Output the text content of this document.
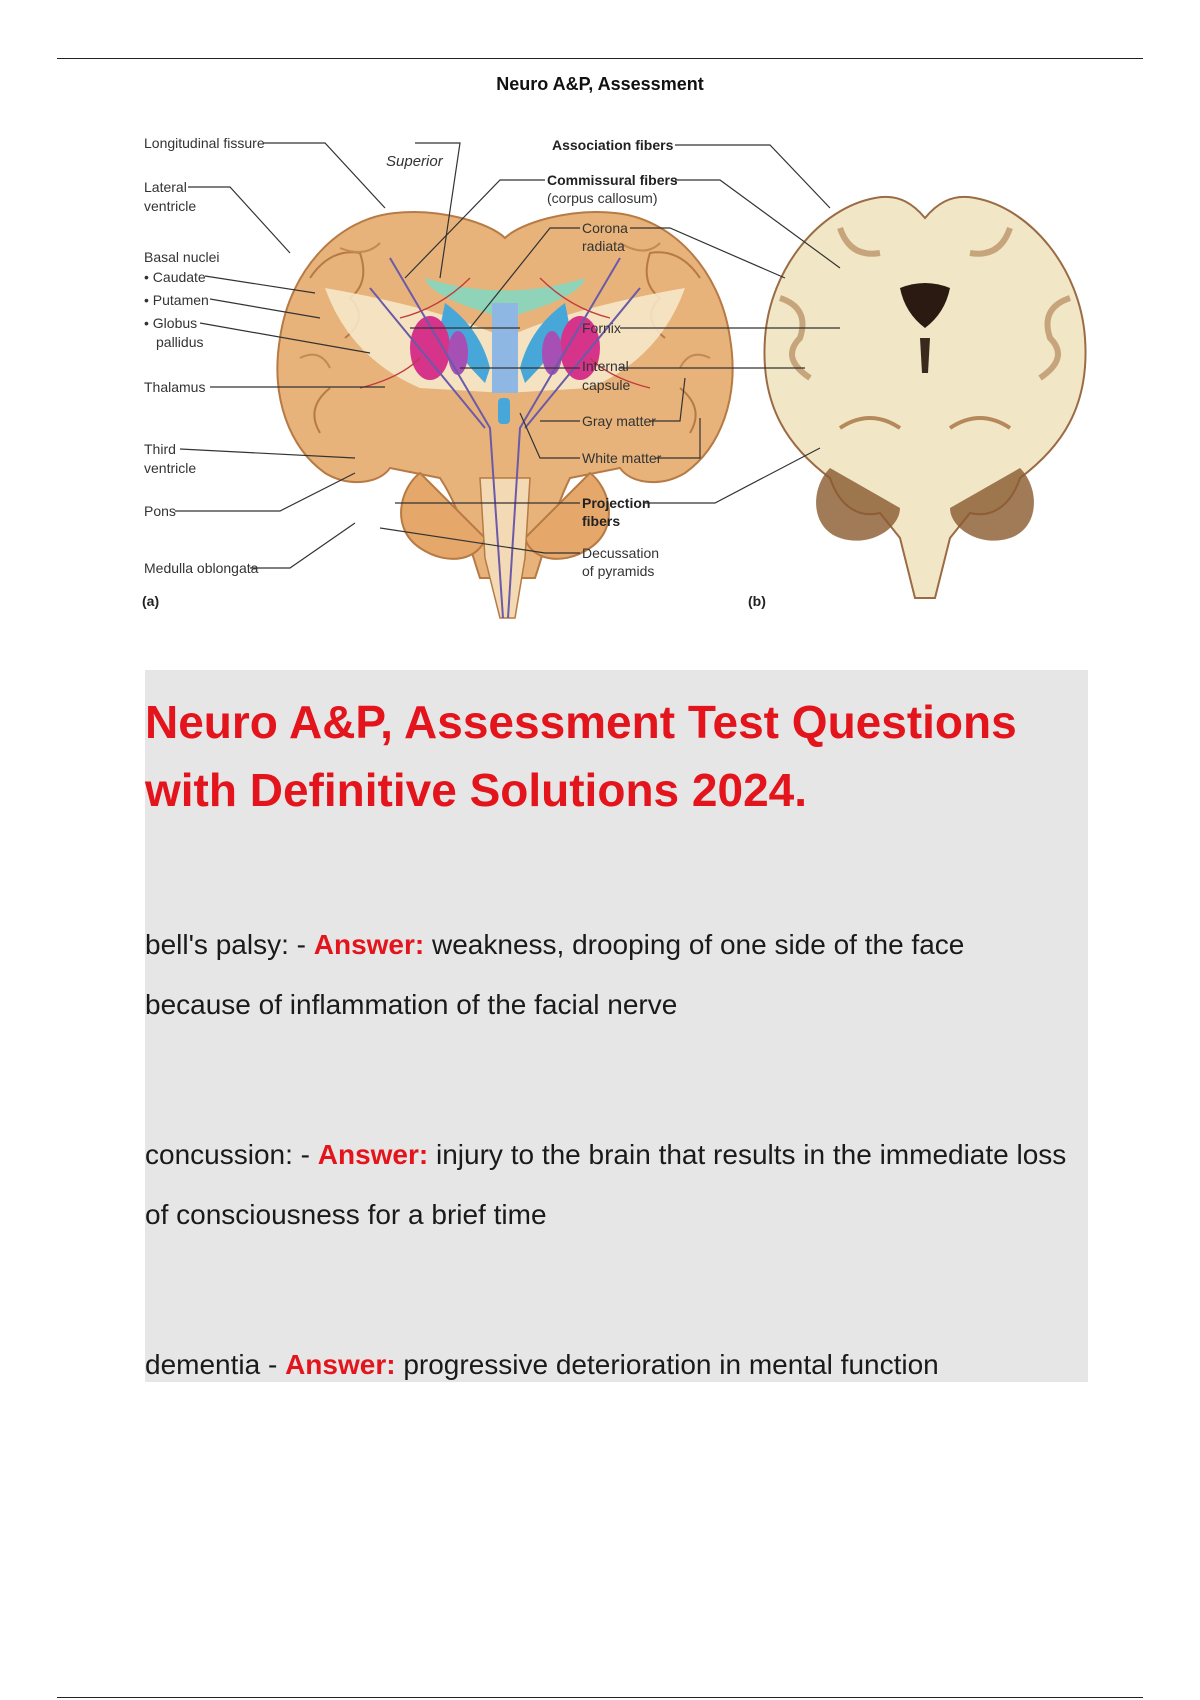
Neuro A&P, Assessment
Longitudinal fissure
Lateral
ventricle
Basal nuclei
• Caudate
• Putamen
• Globus
pallidus
Thalamus
Third
ventricle
Pons
Medulla oblongata
Superior
Association fibers
Commissural fibers
(corpus callosum)
Corona
radiata
Fornix
Internal
capsule
Gray matter
White matter
Projection
fibers
Decussation
of pyramids
(a)	(b)
Neuro A&P, Assessment Test Questions with Definitive Solutions 2024.

bell's palsy: - Answer: weakness, drooping of one side of the face because of inflammation of the facial nerve

concussion: - Answer: injury to the brain that results in the immediate loss of consciousness for a brief time

dementia - Answer: progressive deterioration in mental function
